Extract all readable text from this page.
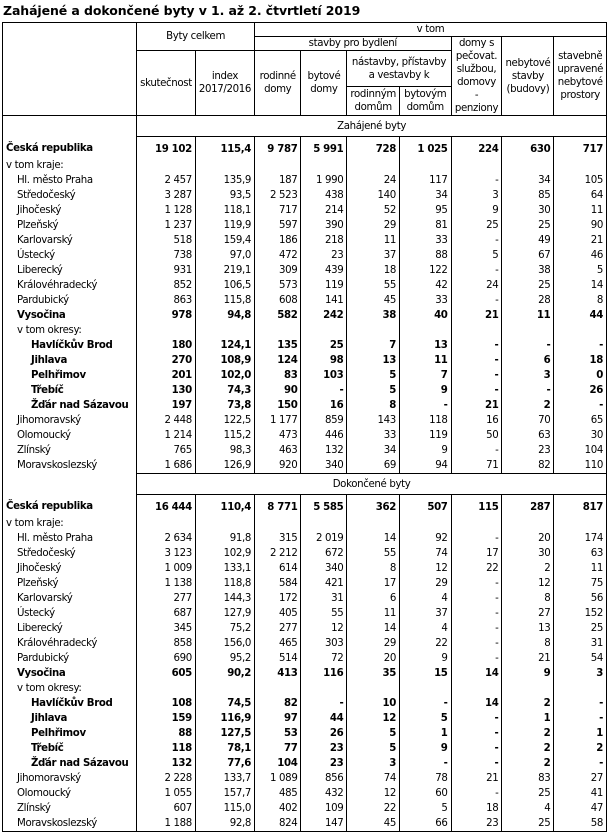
Zahájené a dokončené byty v 1. až 2. čtvrtletí 2019
	Byty celkem		v tom						
			stavby pro bydlení				domy s pečovat. službou, domovy - penziony	nebytové stavby (budovy)	stavebně upravené nebytové prostory
	skutečnost	index 2017/2016	rodinné domy	bytové domy	nástavby, přístavby a vestavby k				
					rodinným domům	bytovým domům			
	Zahájené byty								
Česká republika	19 102	115,4	9 787	5 991	728	1 025	224	630	717
v tom kraje:									
Hl. město Praha	2 457	135,9	187	1 990	24	117	-	34	105
Středočeský	3 287	93,5	2 523	438	140	34	3	85	64
Jihočeský	1 128	118,1	717	214	52	95	9	30	11
Plzeňský	1 237	119,9	597	390	29	81	25	25	90
Karlovarský	518	159,4	186	218	11	33	-	49	21
Ústecký	738	97,0	472	23	37	88	5	67	46
Liberecký	931	219,1	309	439	18	122	-	38	5
Královéhradecký	852	106,5	573	119	55	42	24	25	14
Pardubický	863	115,8	608	141	45	33	-	28	8
Vysočina	978	94,8	582	242	38	40	21	11	44
v tom okresy:									
Havlíčkův Brod	180	124,1	135	25	7	13	-	-	-
Jihlava	270	108,9	124	98	13	11	-	6	18
Pelhřimov	201	102,0	83	103	5	7	-	3	0
Třebíč	130	74,3	90	-	5	9	-	-	26
Žďár nad Sázavou	197	73,8	150	16	8	-	21	2	-
Jihomoravský	2 448	122,5	1 177	859	143	118	16	70	65
Olomoucký	1 214	115,2	473	446	33	119	50	63	30
Zlínský	765	98,3	463	132	34	9	-	23	104
Moravskoslezský	1 686	126,9	920	340	69	94	71	82	110
	Dokončené byty								
Česká republika	16 444	110,4	8 771	5 585	362	507	115	287	817
v tom kraje:									
Hl. město Praha	2 634	91,8	315	2 019	14	92	-	20	174
Středočeský	3 123	102,9	2 212	672	55	74	17	30	63
Jihočeský	1 009	133,1	614	340	8	12	22	2	11
Plzeňský	1 138	118,8	584	421	17	29	-	12	75
Karlovarský	277	144,3	172	31	6	4	-	8	56
Ústecký	687	127,9	405	55	11	37	-	27	152
Liberecký	345	75,2	277	12	14	4	-	13	25
Královéhradecký	858	156,0	465	303	29	22	-	8	31
Pardubický	690	95,2	514	72	20	9	-	21	54
Vysočina	605	90,2	413	116	35	15	14	9	3
v tom okresy:									
Havlíčkův Brod	108	74,5	82	-	10	-	14	2	-
Jihlava	159	116,9	97	44	12	5	-	1	-
Pelhřimov	88	127,5	53	26	5	1	-	2	1
Třebíč	118	78,1	77	23	5	9	-	2	2
Žďár nad Sázavou	132	77,6	104	23	3	-	-	2	-
Jihomoravský	2 228	133,7	1 089	856	74	78	21	83	27
Olomoucký	1 055	157,7	485	432	12	60	-	25	41
Zlínský	607	115,0	402	109	22	5	18	4	47
Moravskoslezský	1 188	92,8	824	147	45	66	23	25	58
